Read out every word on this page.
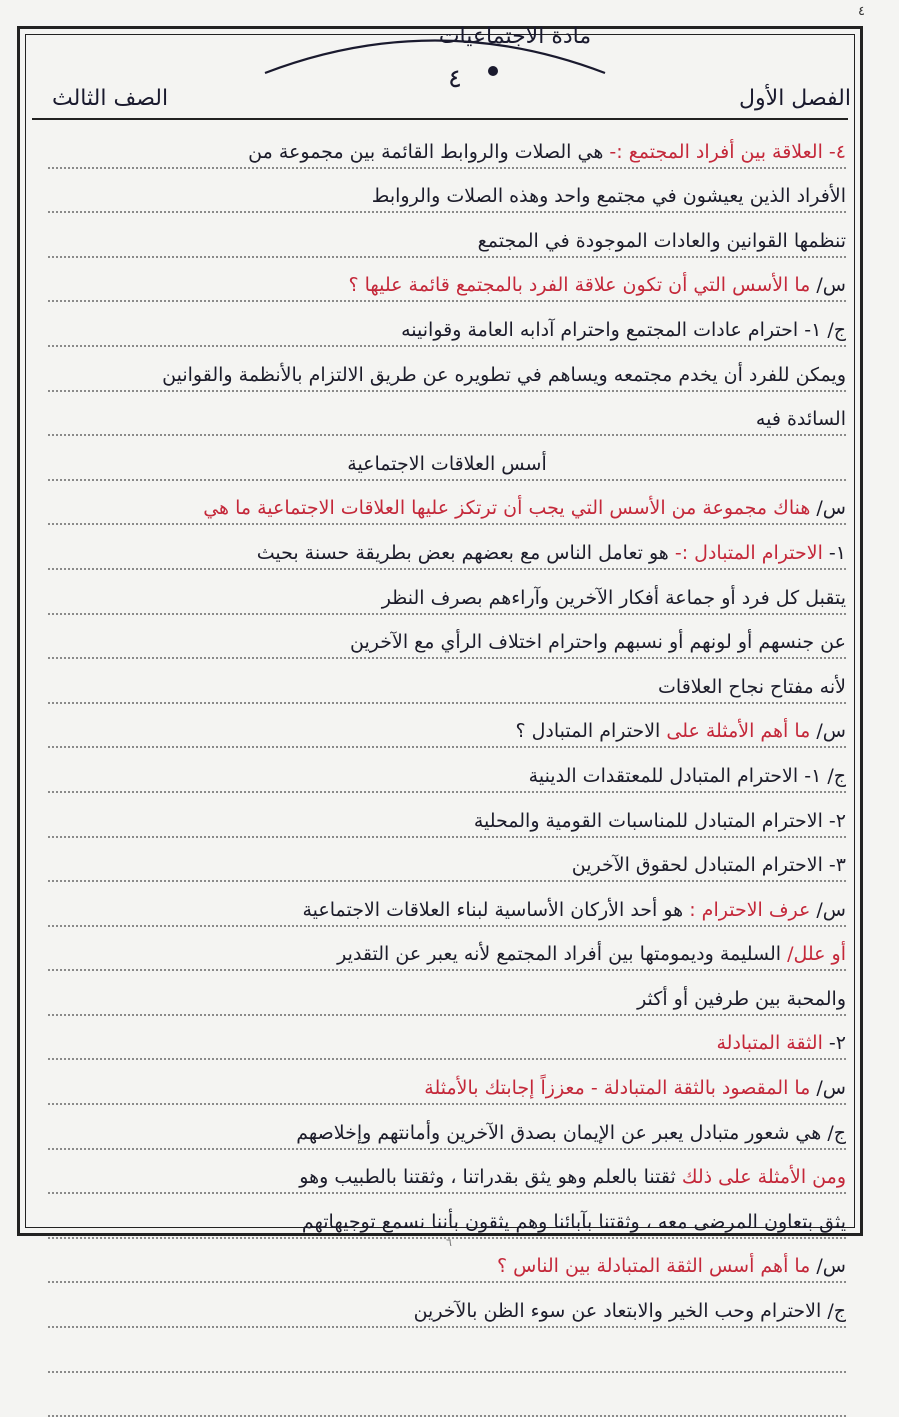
٤
مادة الاجتماعيات
٤
الفصل الأول
الصف الثالث
٤- العلاقة بين أفراد المجتمع :- هي الصلات والروابط القائمة بين مجموعة من
الأفراد الذين يعيشون في مجتمع واحد وهذه الصلات والروابط
تنظمها القوانين والعادات الموجودة في المجتمع
س/ ما الأسس التي أن تكون علاقة الفرد بالمجتمع قائمة عليها ؟
ج/ ١- احترام عادات المجتمع واحترام آدابه العامة وقوانينه
ويمكن للفرد أن يخدم مجتمعه ويساهم في تطويره عن طريق الالتزام بالأنظمة والقوانين
السائدة فيه
أسس العلاقات الاجتماعية
س/ هناك مجموعة من الأسس التي يجب أن ترتكز عليها العلاقات الاجتماعية ما هي
١- الاحترام المتبادل :- هو تعامل الناس مع بعضهم بعض بطريقة حسنة بحيث
يتقبل كل فرد أو جماعة أفكار الآخرين وآراءهم بصرف النظر
عن جنسهم أو لونهم أو نسبهم واحترام اختلاف الرأي مع الآخرين
لأنه مفتاح نجاح العلاقات
س/ ما أهم الأمثلة على الاحترام المتبادل ؟
ج/ ١- الاحترام المتبادل للمعتقدات الدينية
٢- الاحترام المتبادل للمناسبات القومية والمحلية
٣- الاحترام المتبادل لحقوق الآخرين
س/ عرف الاحترام : هو أحد الأركان الأساسية لبناء العلاقات الاجتماعية
أو علل/ السليمة وديمومتها بين أفراد المجتمع لأنه يعبر عن التقدير
والمحبة بين طرفين أو أكثر
٢- الثقة المتبادلة
س/ ما المقصود بالثقة المتبادلة - معززاً إجابتك بالأمثلة
ج/ هي شعور متبادل يعبر عن الإيمان بصدق الآخرين وأمانتهم وإخلاصهم
ومن الأمثلة على ذلك ثقتنا بالعلم وهو يثق بقدراتنا ، وثقتنا بالطبيب وهو
يثق بتعاون المرضى معه ، وثقتنا بآبائنا وهم يثقون بأننا نسمع توجيهاتهم
س/ ما أهم أسس الثقة المتبادلة بين الناس ؟
ج/ الاحترام وحب الخير والابتعاد عن سوء الظن بالآخرين
٦
